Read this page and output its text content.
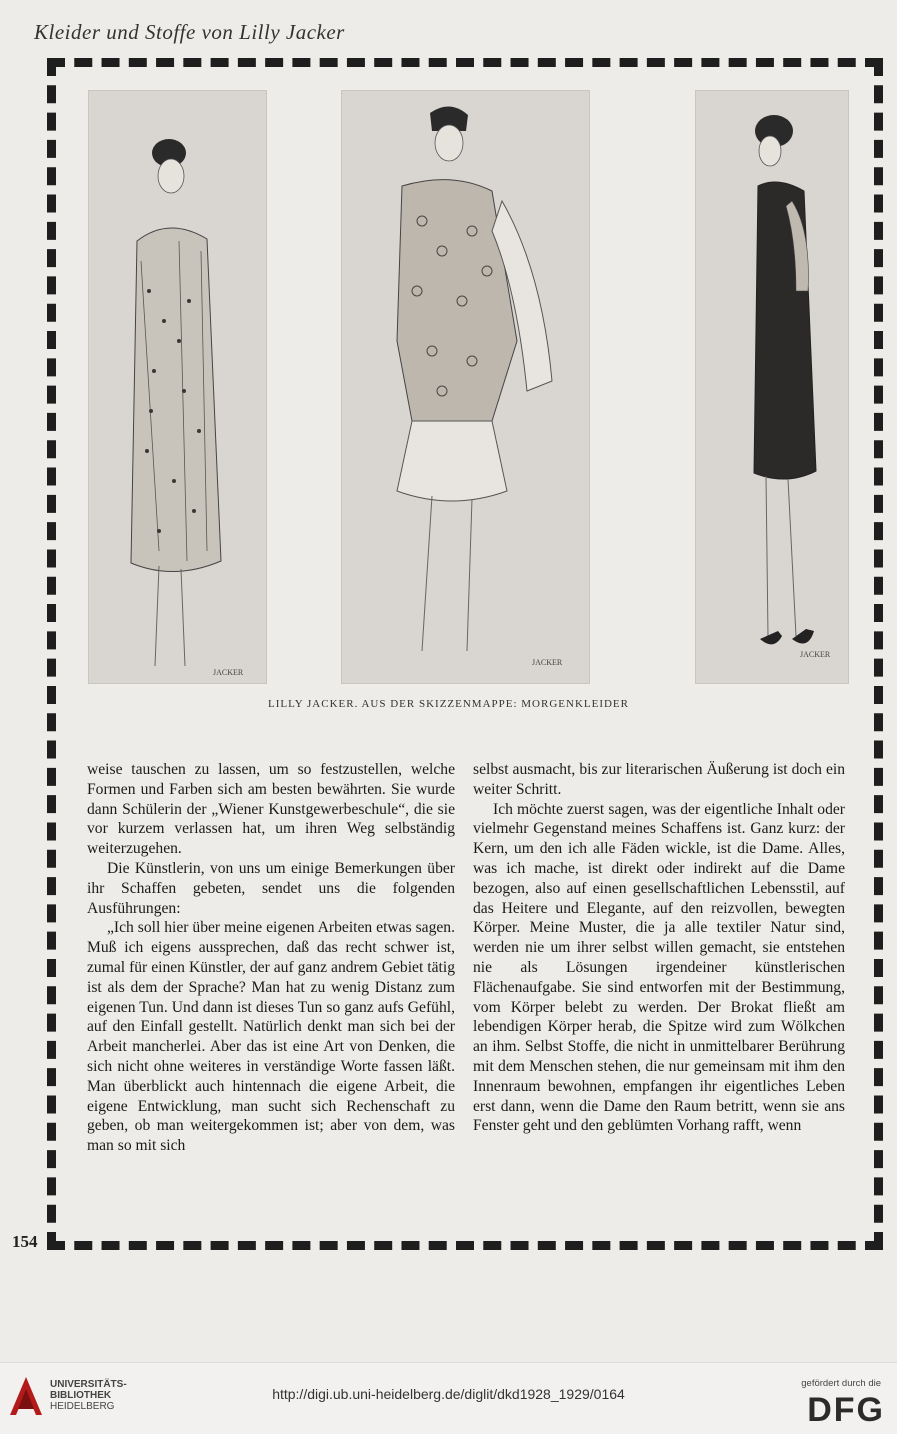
Kleider und Stoffe von Lilly Jacker
JACKER
JACKER
JACKER
LILLY JACKER. AUS DER SKIZZENMAPPE: MORGENKLEIDER

weise tauschen zu lassen, um so festzustellen, welche Formen und Farben sich am besten bewährten. Sie wurde dann Schülerin der „Wiener Kunstgewerbeschule“, die sie vor kurzem verlassen hat, um ihren Weg selbständig weiterzugehen.

Die Künstlerin, von uns um einige Bemerkungen über ihr Schaffen gebeten, sendet uns die folgenden Ausführungen:

„Ich soll hier über meine eigenen Arbeiten etwas sagen. Muß ich eigens aussprechen, daß das recht schwer ist, zumal für einen Künstler, der auf ganz andrem Gebiet tätig ist als dem der Sprache? Man hat zu wenig Distanz zum eigenen Tun. Und dann ist dieses Tun so ganz aufs Gefühl, auf den Einfall gestellt. Natürlich denkt man sich bei der Arbeit mancherlei. Aber das ist eine Art von Denken, die sich nicht ohne weiteres in verständige Worte fassen läßt. Man überblickt auch hintennach die eigene Arbeit, die eigene Entwicklung, man sucht sich Rechenschaft zu geben, ob man weitergekommen ist; aber von dem, was man so mit sich

selbst ausmacht, bis zur literarischen Äußerung ist doch ein weiter Schritt.

Ich möchte zuerst sagen, was der eigentliche Inhalt oder vielmehr Gegenstand meines Schaffens ist. Ganz kurz: der Kern, um den ich alle Fäden wickle, ist die Dame. Alles, was ich mache, ist direkt oder indirekt auf die Dame bezogen, also auf einen gesellschaftlichen Lebensstil, auf das Heitere und Elegante, auf den reizvollen, bewegten Körper. Meine Muster, die ja alle textiler Natur sind, werden nie um ihrer selbst willen gemacht, sie entstehen nie als Lösungen irgendeiner künstlerischen Flächenaufgabe. Sie sind entworfen mit der Bestimmung, vom Körper belebt zu werden. Der Brokat fließt am lebendigen Körper herab, die Spitze wird zum Wölkchen an ihm. Selbst Stoffe, die nicht in unmittelbarer Berührung mit dem Menschen stehen, die nur gemeinsam mit ihm den Innenraum bewohnen, empfangen ihr eigentliches Leben erst dann, wenn die Dame den Raum betritt, wenn sie ans Fenster geht und den geblümten Vorhang rafft, wenn

154
UNIVERSITÄTS-
BIBLIOTHEK
HEIDELBERG
http://digi.ub.uni-heidelberg.de/diglit/dkd1928_1929/0164
gefördert durch die
DFG
